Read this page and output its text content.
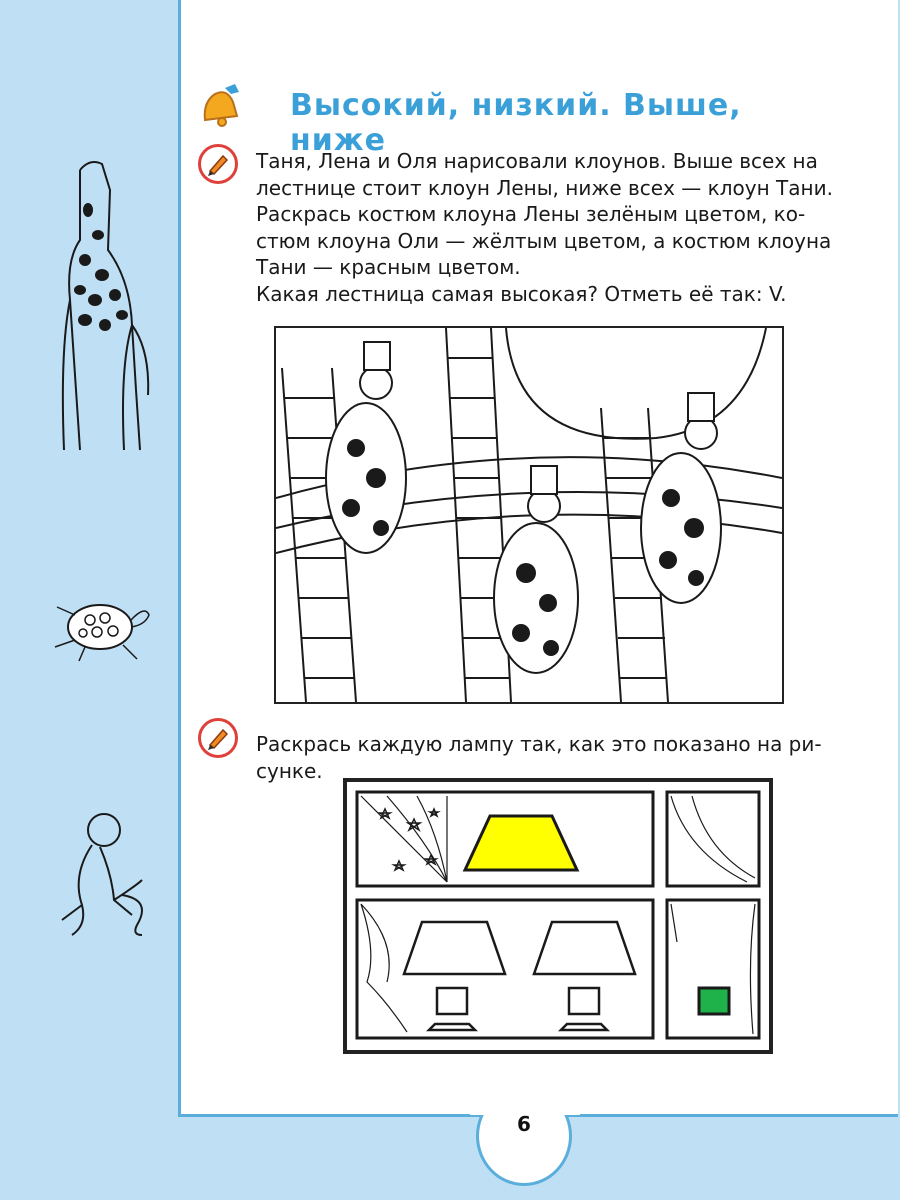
Высокий, низкий. Выше, ниже
Таня, Лена и Оля нарисовали клоунов. Выше всех на
лестнице стоит клоун Лены, ниже всех — клоун Тани.
Раскрась костюм клоуна Лены зелёным цветом, ко-
стюм клоуна Оли — жёлтым цветом, а костюм клоуна
Тани — красным цветом.
Какая лестница самая высокая? Отметь её так: V.
Раскрась каждую лампу так, как это показано на ри-
сунке.
6
